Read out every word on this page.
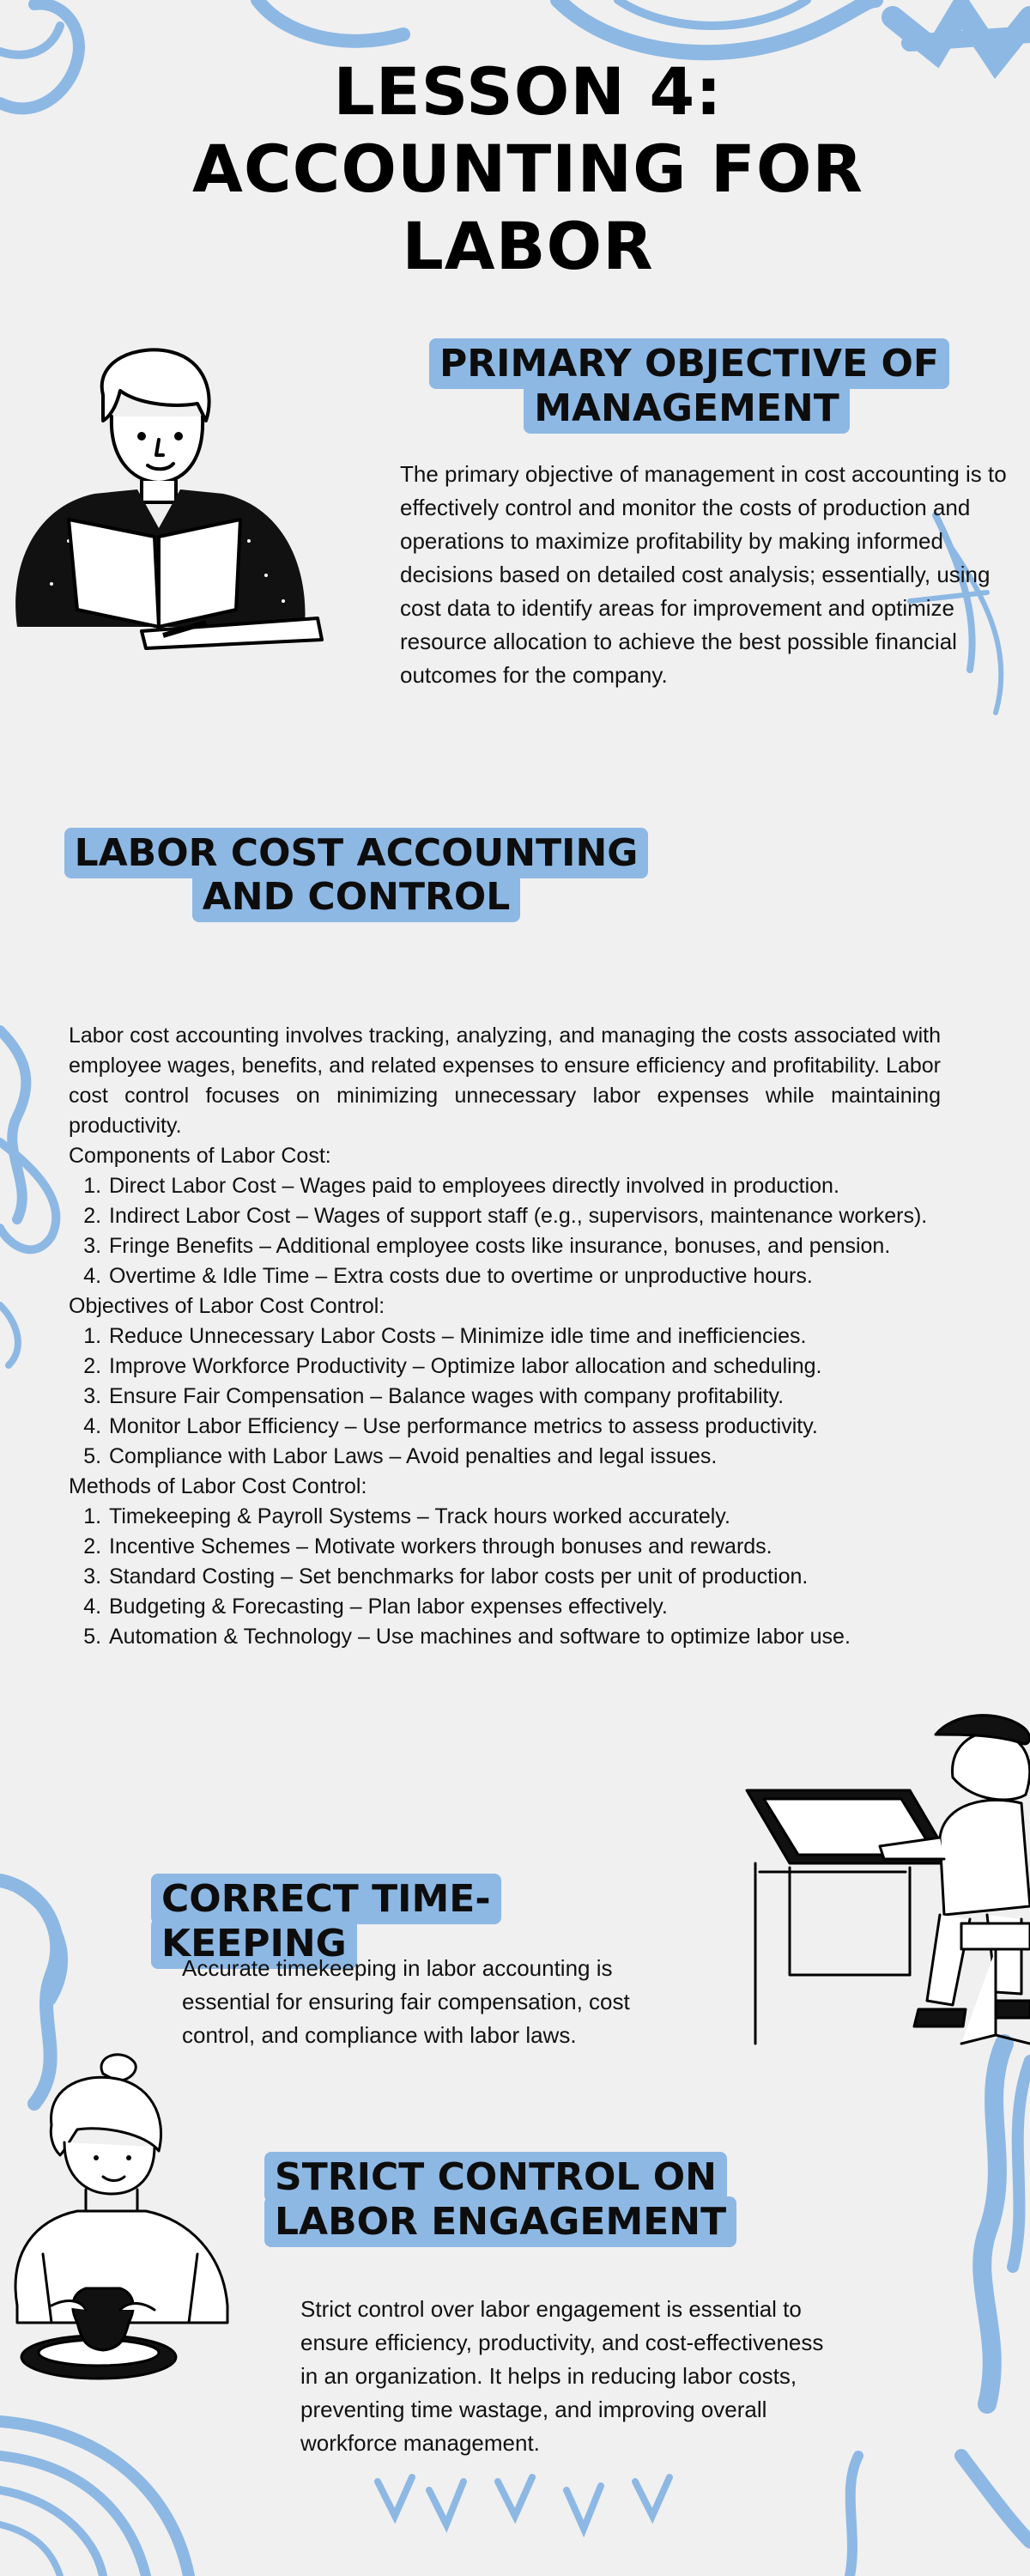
LESSON 4:
ACCOUNTING FOR
LABOR
PRIMARY OBJECTIVE OF MANAGEMENT
The primary objective of management in cost accounting is to effectively control and monitor the costs of production and operations to maximize profitability by making informed decisions based on detailed cost analysis; essentially, using cost data to identify areas for improvement and optimize resource allocation to achieve the best possible financial outcomes for the company.
LABOR COST ACCOUNTING AND CONTROL

Labor cost accounting involves tracking, analyzing, and managing the costs associated with employee wages, benefits, and related expenses to ensure efficiency and profitability. Labor cost control focuses on minimizing unnecessary labor expenses while maintaining productivity.

Components of Labor Cost:

1. Direct Labor Cost – Wages paid to employees directly involved in production.
2. Indirect Labor Cost – Wages of support staff (e.g., supervisors, maintenance workers).
3. Fringe Benefits – Additional employee costs like insurance, bonuses, and pension.
4. Overtime & Idle Time – Extra costs due to overtime or unproductive hours.

Objectives of Labor Cost Control:

1. Reduce Unnecessary Labor Costs – Minimize idle time and inefficiencies.
2. Improve Workforce Productivity – Optimize labor allocation and scheduling.
3. Ensure Fair Compensation – Balance wages with company profitability.
4. Monitor Labor Efficiency – Use performance metrics to assess productivity.
5. Compliance with Labor Laws – Avoid penalties and legal issues.

Methods of Labor Cost Control:

1. Timekeeping & Payroll Systems – Track hours worked accurately.
2. Incentive Schemes – Motivate workers through bonuses and rewards.
3. Standard Costing – Set benchmarks for labor costs per unit of production.
4. Budgeting & Forecasting – Plan labor expenses effectively.
5. Automation & Technology – Use machines and software to optimize labor use.
CORRECT TIME-KEEPING
Accurate timekeeping in labor accounting is essential for ensuring fair compensation, cost control, and compliance with labor laws.
STRICT CONTROL ON LABOR ENGAGEMENT
Strict control over labor engagement is essential to ensure efficiency, productivity, and cost-effectiveness in an organization. It helps in reducing labor costs, preventing time wastage, and improving overall workforce management.
